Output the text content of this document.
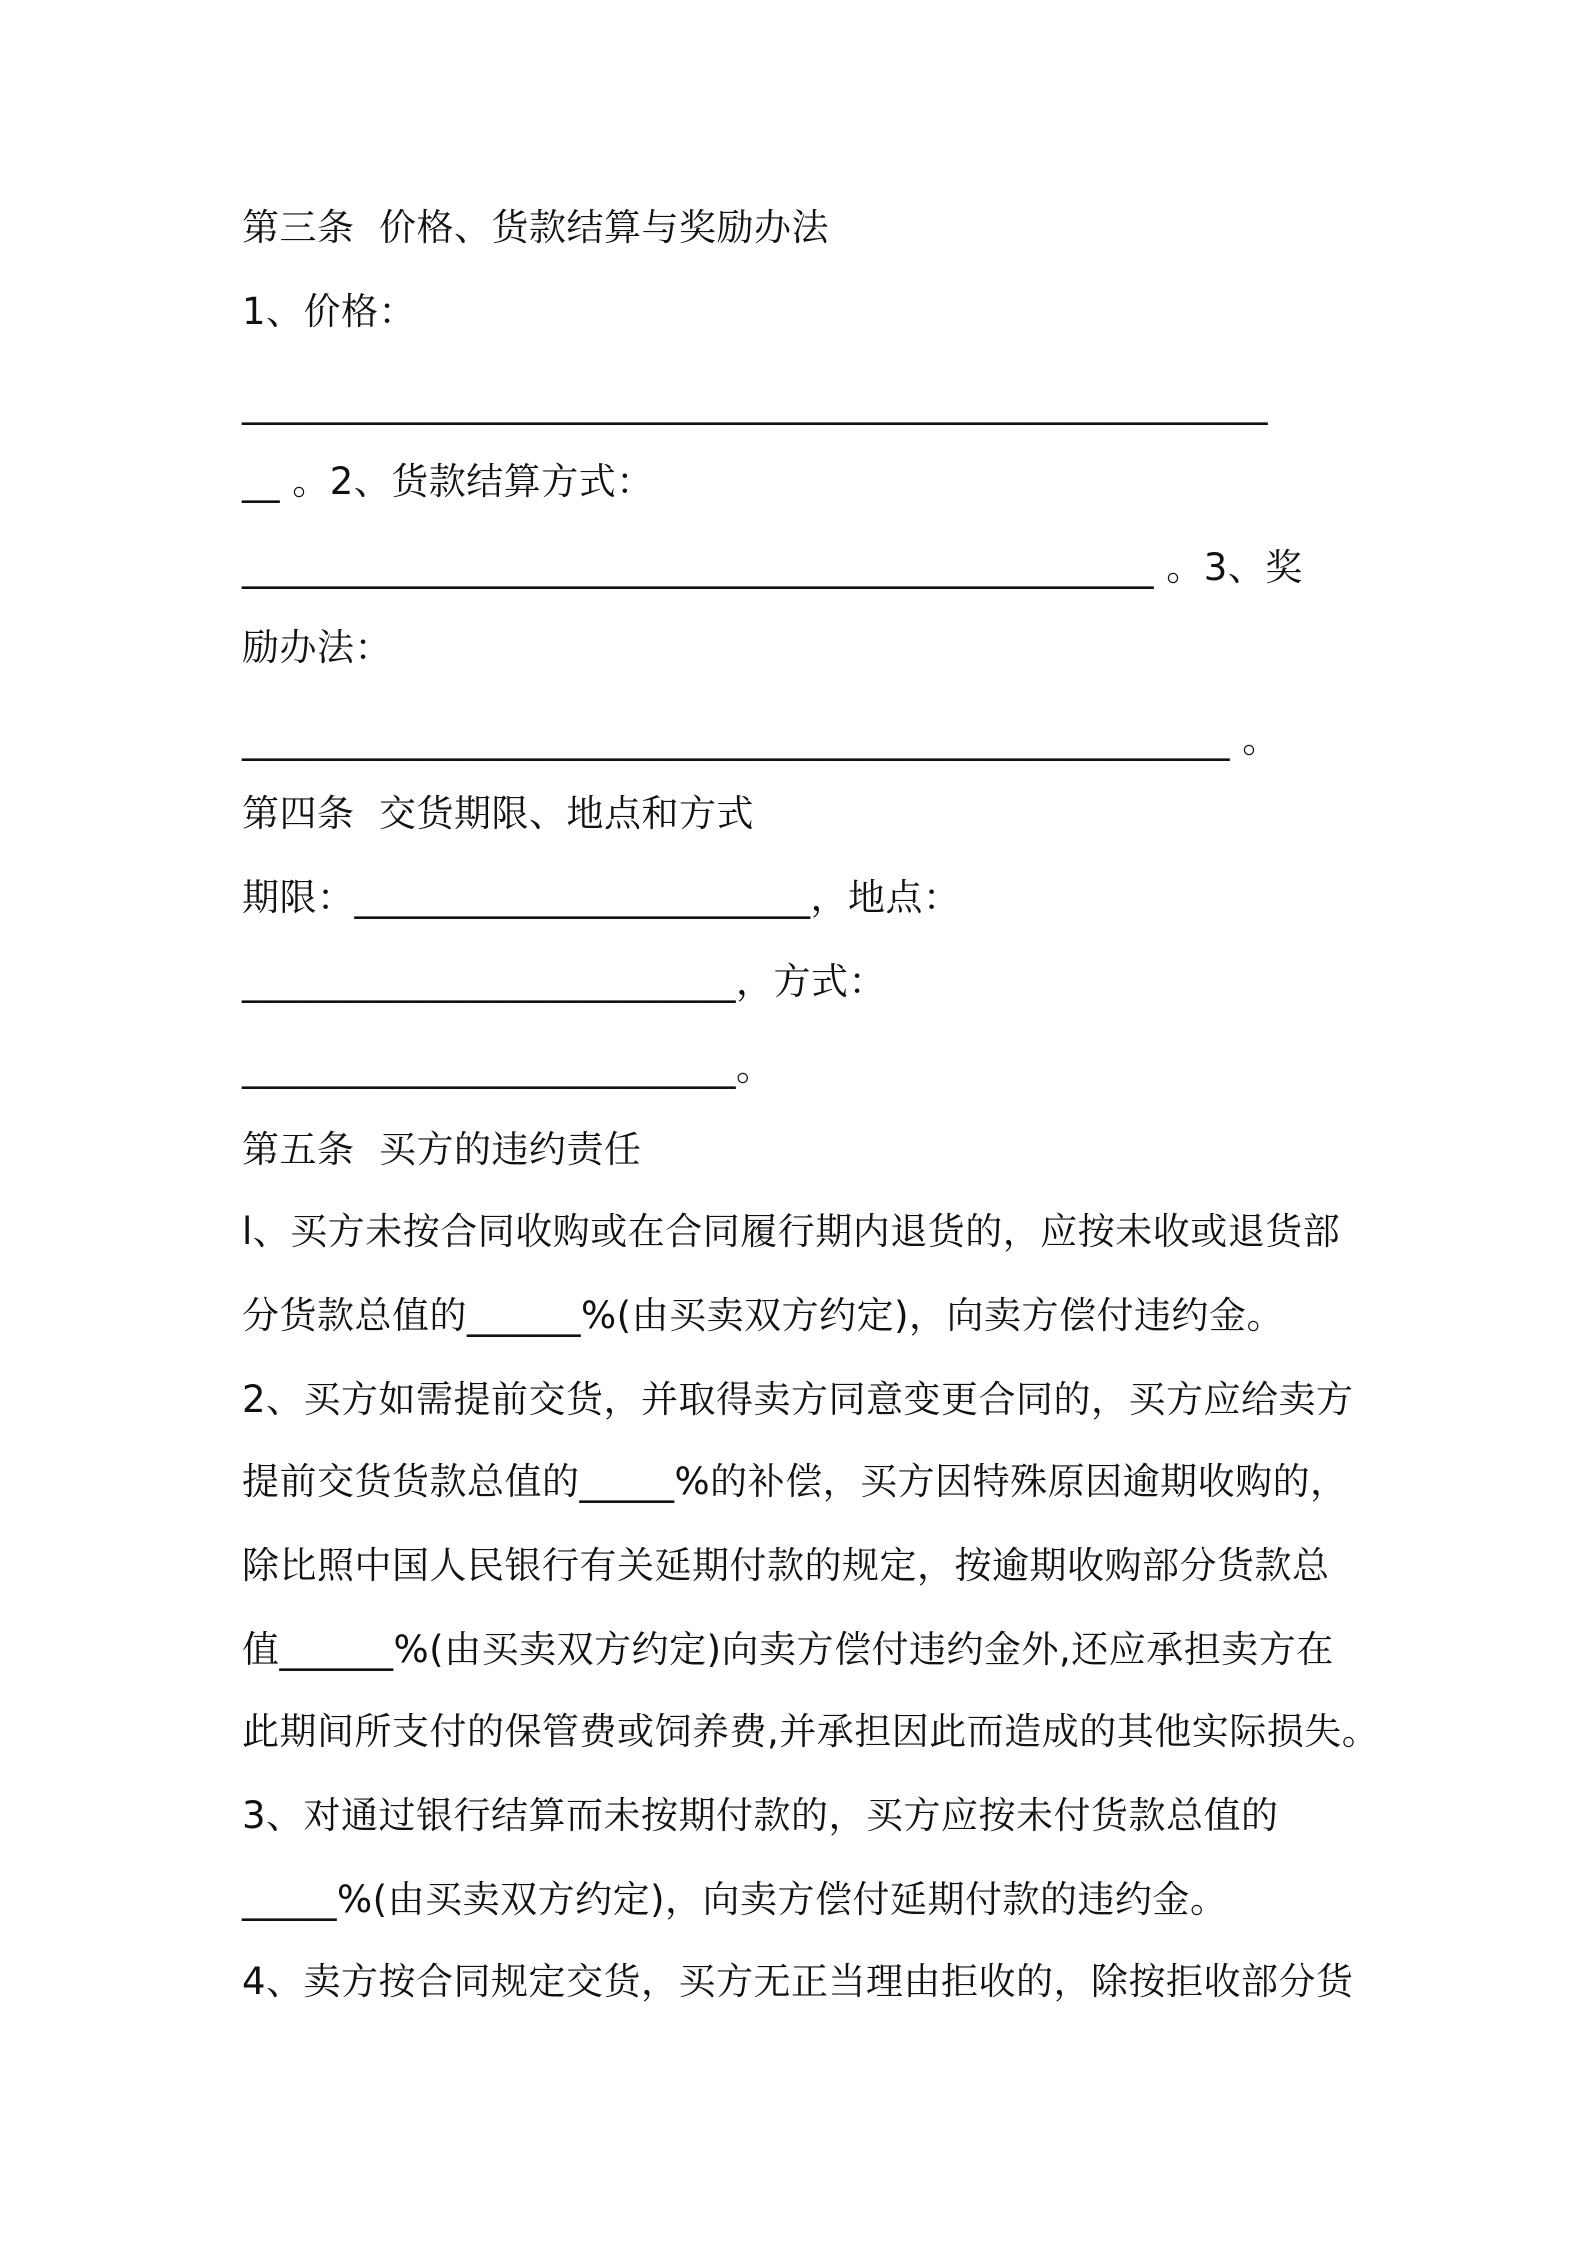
第三条  价格、货款结算与奖励办法

1、价格：

______________________________________________________

__ 。2、货款结算方式：

________________________________________________ 。3、奖

励办法：

____________________________________________________ 。

第四条  交货期限、地点和方式

期限：________________________，地点：

__________________________，方式：

__________________________。

第五条  买方的违约责任

l、买方未按合同收购或在合同履行期内退货的，应按未收或退货部

分货款总值的______%(由买卖双方约定)，向卖方偿付违约金。

2、买方如需提前交货，并取得卖方同意变更合同的，买方应给卖方

提前交货货款总值的_____%的补偿，买方因特殊原因逾期收购的，

除比照中国人民银行有关延期付款的规定，按逾期收购部分货款总

值______%(由买卖双方约定)向卖方偿付违约金外,还应承担卖方在

此期间所支付的保管费或饲养费,并承担因此而造成的其他实际损失。

3、对通过银行结算而未按期付款的，买方应按未付货款总值的

_____%(由买卖双方约定)，向卖方偿付延期付款的违约金。

4、卖方按合同规定交货，买方无正当理由拒收的，除按拒收部分货
